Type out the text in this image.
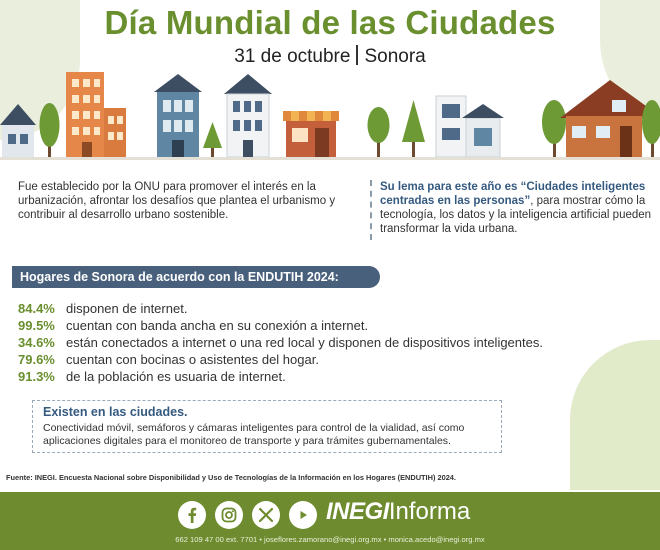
Día Mundial de las Ciudades
31 de octubre Sonora
Fue establecido por la ONU para promover el interés en la urbanización, afrontar los desafíos que plantea el urbanismo y contribuir al desarrollo urbano sostenible.
Su lema para este año es “Ciudades inteligentes centradas en las personas”, para mostrar cómo la tecnología, los datos y la inteligencia artificial pueden transformar la vida urbana.
Hogares de Sonora de acuerdo con la ENDUTIH 2024:
84.4% disponen de internet.
99.5% cuentan con banda ancha en su conexión a internet.
34.6% están conectados a internet o una red local y disponen de dispositivos inteligentes.
79.6% cuentan con bocinas o asistentes del hogar.
91.3% de la población es usuaria de internet.
Existen en las ciudades.
Conectividad móvil, semáforos y cámaras inteligentes para control de la vialidad, así como aplicaciones digitales para el monitoreo de transporte y para trámites gubernamentales.
Fuente: INEGI. Encuesta Nacional sobre Disponibilidad y Uso de Tecnologías de la Información en los Hogares (ENDUTIH) 2024.
INEGIInforma
662 109 47 00 ext. 7701 • joseflores.zamorano@inegi.org.mx • monica.acedo@inegi.org.mx
